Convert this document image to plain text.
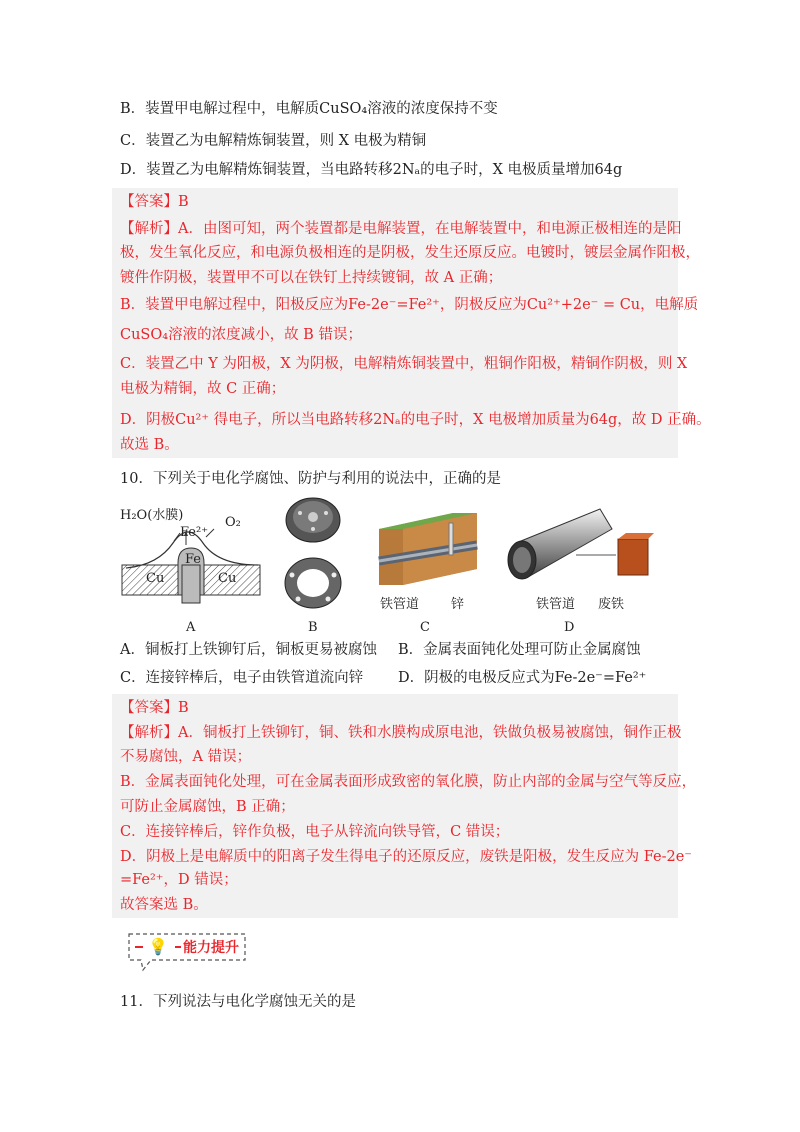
B．装置甲电解过程中，电解质CuSO₄溶液的浓度保持不变
C．装置乙为电解精炼铜装置，则 X 电极为精铜
D．装置乙为电解精炼铜装置，当电路转移2Nₐ的电子时，X 电极质量增加64g
【答案】B
【解析】A．由图可知，两个装置都是电解装置，在电解装置中，和电源正极相连的是阳
极，发生氧化反应，和电源负极相连的是阴极，发生还原反应。电镀时，镀层金属作阳极，
镀件作阴极，装置甲不可以在铁钉上持续镀铜，故 A 正确；
B．装置甲电解过程中，阳极反应为Fe-2e⁻=Fe²⁺，阴极反应为Cu²⁺+2e⁻ = Cu，电解质
CuSO₄溶液的浓度减小，故 B 错误；
C．装置乙中 Y 为阳极，X 为阴极，电解精炼铜装置中，粗铜作阳极，精铜作阴极，则 X
电极为精铜，故 C 正确；
D．阴极Cu²⁺ 得电子，所以当电路转移2Nₐ的电子时，X 电极增加质量为64g，故 D 正确。
故选 B。
10．下列关于电化学腐蚀、防护与利用的说法中，正确的是
H₂O(水膜)
Fe²⁺
O₂
Fe
Cu	Cu
A	B
铁管道 锌
C
铁管道 废铁
D
A．铜板打上铁铆钉后，铜板更易被腐蚀 B．金属表面钝化处理可防止金属腐蚀
C．连接锌棒后，电子由铁管道流向锌 D．阴极的电极反应式为Fe-2e⁻=Fe²⁺
【答案】B
【解析】A．铜板打上铁铆钉，铜、铁和水膜构成原电池，铁做负极易被腐蚀，铜作正极
不易腐蚀，A 错误；
B．金属表面钝化处理，可在金属表面形成致密的氧化膜，防止内部的金属与空气等反应，
可防止金属腐蚀，B 正确；
C．连接锌棒后，锌作负极，电子从锌流向铁导管，C 错误；
D．阴极上是电解质中的阳离子发生得电子的还原反应，废铁是阳极，发生反应为 Fe-2e⁻
=Fe²⁺，D 错误；
故答案选 B。
💡 能力提升
11．下列说法与电化学腐蚀无关的是
